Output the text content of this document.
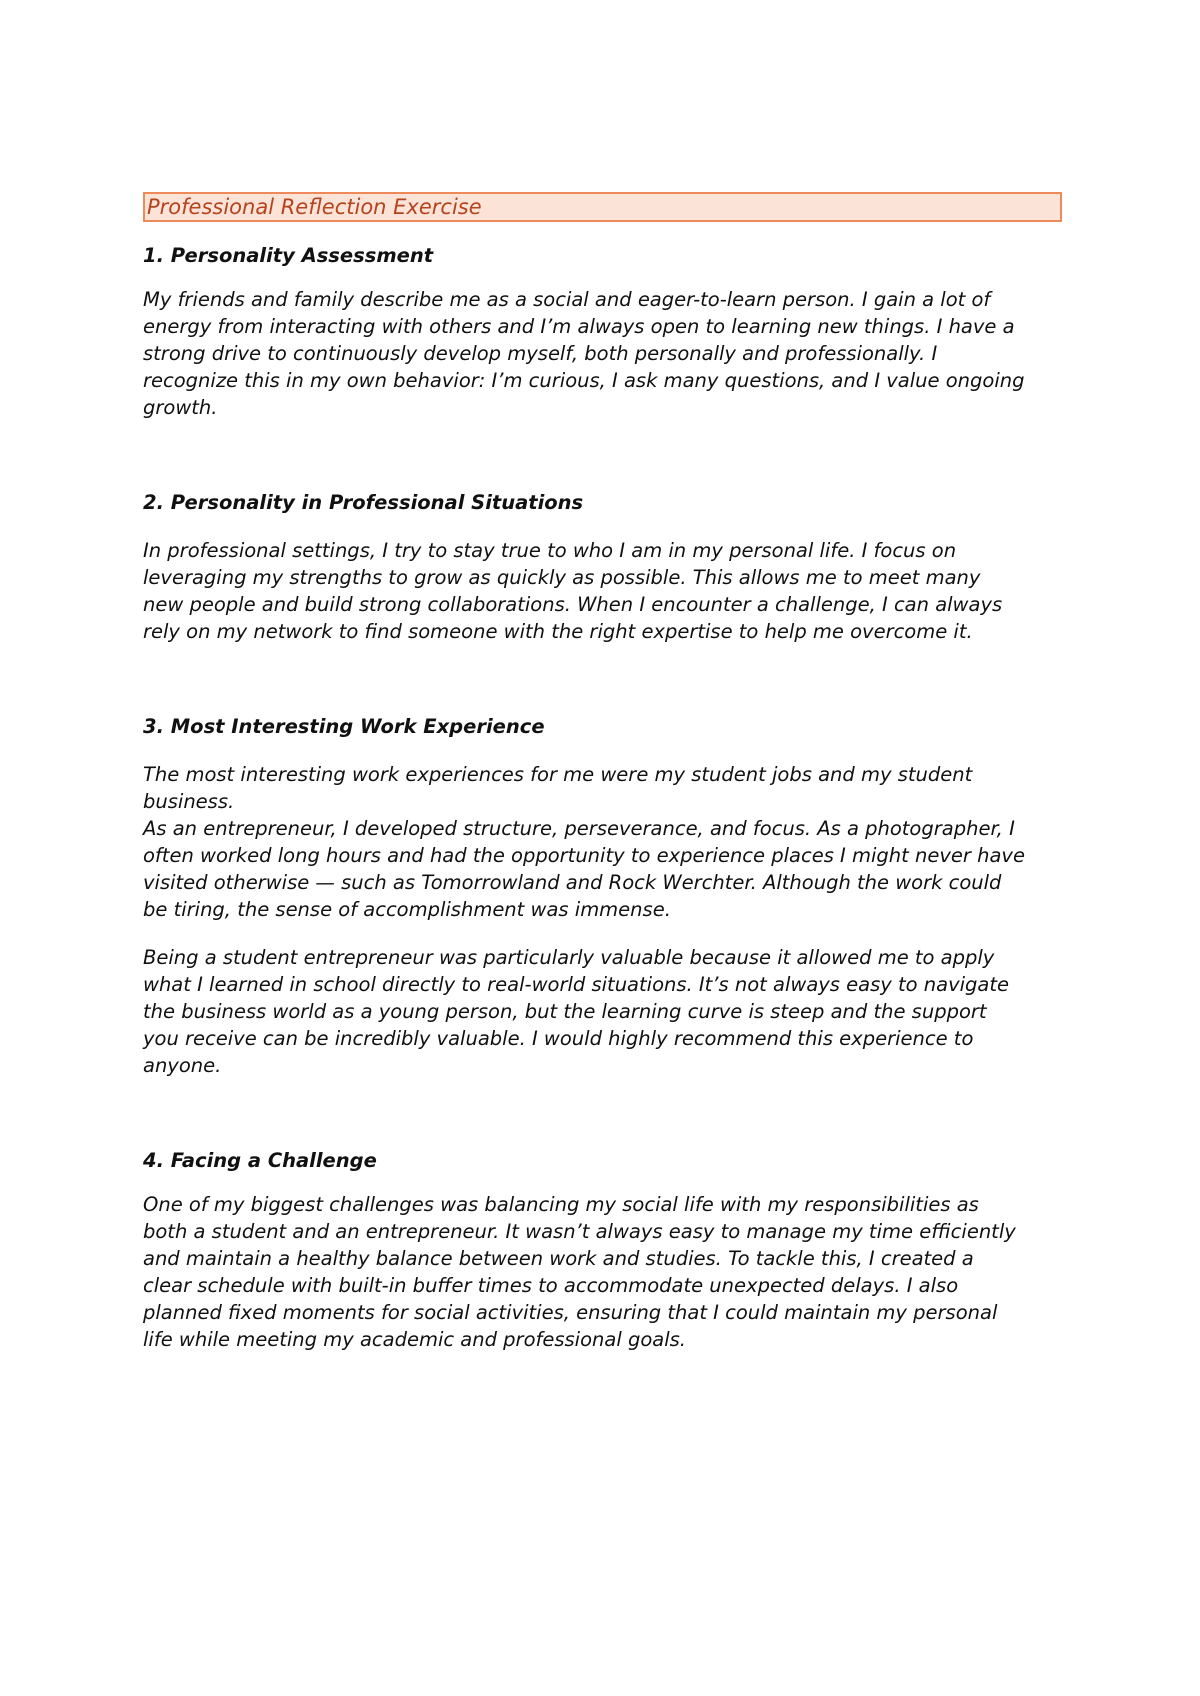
Professional Reflection Exercise
1. Personality Assessment
My friends and family describe me as a social and eager-to-learn person. I gain a lot of
energy from interacting with others and I’m always open to learning new things. I have a
strong drive to continuously develop myself, both personally and professionally. I
recognize this in my own behavior: I’m curious, I ask many questions, and I value ongoing
growth.
2. Personality in Professional Situations
In professional settings, I try to stay true to who I am in my personal life. I focus on
leveraging my strengths to grow as quickly as possible. This allows me to meet many
new people and build strong collaborations. When I encounter a challenge, I can always
rely on my network to find someone with the right expertise to help me overcome it.
3. Most Interesting Work Experience
The most interesting work experiences for me were my student jobs and my student
business.
As an entrepreneur, I developed structure, perseverance, and focus. As a photographer, I
often worked long hours and had the opportunity to experience places I might never have
visited otherwise — such as Tomorrowland and Rock Werchter. Although the work could
be tiring, the sense of accomplishment was immense.
Being a student entrepreneur was particularly valuable because it allowed me to apply
what I learned in school directly to real-world situations. It’s not always easy to navigate
the business world as a young person, but the learning curve is steep and the support
you receive can be incredibly valuable. I would highly recommend this experience to
anyone.
4. Facing a Challenge
One of my biggest challenges was balancing my social life with my responsibilities as
both a student and an entrepreneur. It wasn’t always easy to manage my time efficiently
and maintain a healthy balance between work and studies. To tackle this, I created a
clear schedule with built-in buffer times to accommodate unexpected delays. I also
planned fixed moments for social activities, ensuring that I could maintain my personal
life while meeting my academic and professional goals.
